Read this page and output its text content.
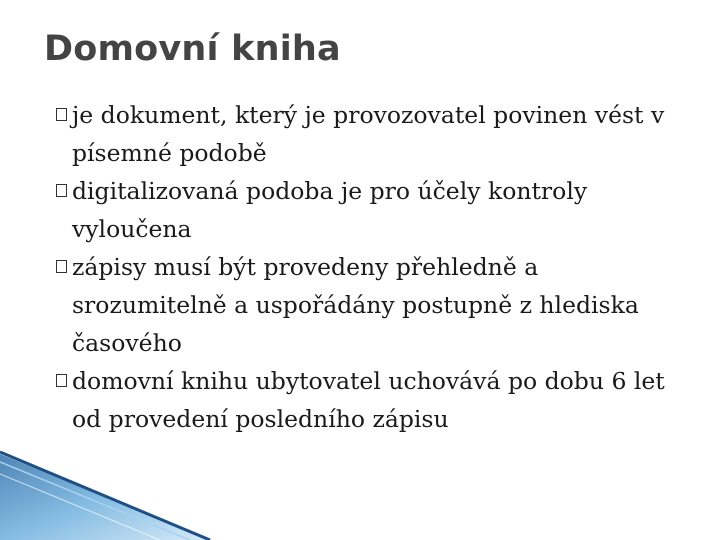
Domovní kniha
je dokument, který je provozovatel povinen vést v písemné podobě
digitalizovaná podoba je pro účely kontroly vyloučena
zápisy musí být provedeny přehledně a srozumitelně a uspořádány postupně z hlediska časového
domovní knihu ubytovatel uchovává po dobu 6 let od provedení posledního zápisu
